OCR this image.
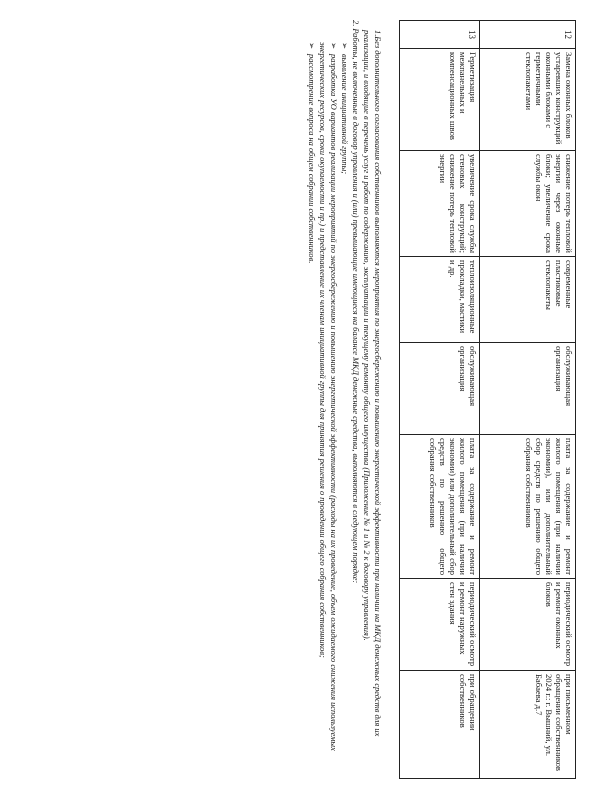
12	Замена оконных блоков устаревших конструкций оконными блоками с герметичными стеклопакетами	снижение потерь тепловой энергии через оконные блоки; увеличение срока службы окон	современные пластиковые стеклопакеты	обслуживающая организация	плата за содержание и ремонт жилого помещения (при наличии экономии), или дополнительный сбор средств по решению общего собрания собственников	периодический осмотр и ремонт оконных блоков	при письменном обращении собственников 2024 г.: г. Вышний, ул. Бабаева д.7

13	Герметизация межпанельных и компенсационных швов	увеличение срока службы стеновых конструкций; снижение потерь тепловой энергии	теплоизоляционные прокладки, мастики и др.	обслуживающая организация	плата за содержание и ремонт жилого помещения (при наличии экономии) или дополнительный сбор средств по решению общего собрания собственников	периодический осмотр и ремонт наружных стен здания	при обращении собственников

1.Без дополнительного согласования собственников выполняются мероприятия по энергосбережению и повышению энергетической эффективности при наличии на МКД денежных средств для их реализации, и входящие в перечень услуг и работ по содержанию, эксплуатации и текущему ремонту общего имущества (Приложение № 1 и № 2 к договору управления).

2. Работы, не включенные в договор управления и (или) превышающие имеющиеся на балансе МКД денежные средства, выполняются в следующем порядке:

➢выявление инициативной группы;

➢разработка УО вариантов реализации мероприятий по энергосбережению и повышению энергетической эффективности (расходы на их проведение, объем ожидаемого снижения используемых энергетических ресурсов, сроки окупаемости и пр.) и представление их членам инициативной группы для принятия решения о проведении общего собрания собственников;

➢рассмотрение вопроса на общем собрании собственников.
